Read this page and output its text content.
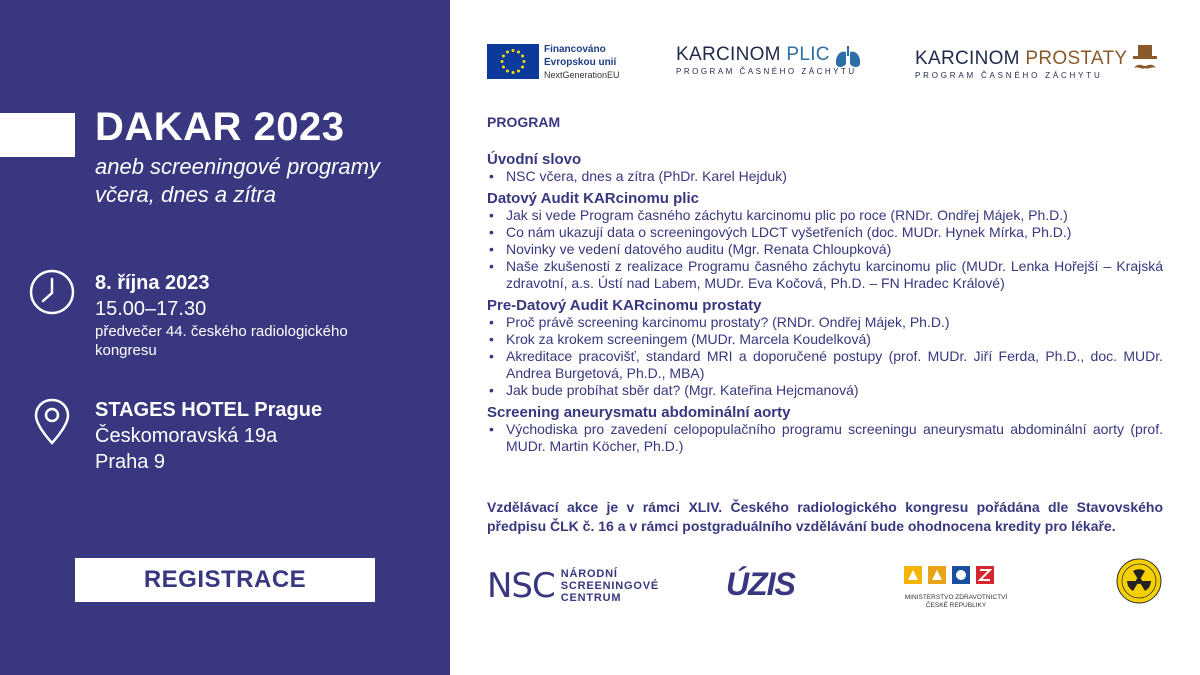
DAKAR 2023
aneb screeningové programy včera, dnes a zítra
8. října 2023
15.00–17.30
předvečer 44. českého radiologického kongresu
STAGES HOTEL Prague
Českomoravská 19a
Praha 9
REGISTRACE
Financováno
Evropskou unií
NextGenerationEU
KARCINOM PLIC
PROGRAM ČASNÉHO ZÁCHYTU
KARCINOM PROSTATY
PROGRAM ČASNÉHO ZÁCHYTU
PROGRAM
Úvodní slovo
• NSC včera, dnes a zítra (PhDr. Karel Hejduk)
Datový Audit KARcinomu plic
• Jak si vede Program časného záchytu karcinomu plic po roce (RNDr. Ondřej Májek, Ph.D.)
• Co nám ukazují data o screeningových LDCT vyšetřeních (doc. MUDr. Hynek Mírka, Ph.D.)
• Novinky ve vedení datového auditu (Mgr. Renata Chloupková)
• Naše zkušenosti z realizace Programu časného záchytu karcinomu plic (MUDr. Lenka Hořejší – Krajská zdravotní, a.s. Ústí nad Labem, MUDr. Eva Kočová, Ph.D. – FN Hradec Králové)
Pre-Datový Audit KARcinomu prostaty
• Proč právě screening karcinomu prostaty? (RNDr. Ondřej Májek, Ph.D.)
• Krok za krokem screeningem (MUDr. Marcela Koudelková)
• Akreditace pracovišť, standard MRI a doporučené postupy (prof. MUDr. Jiří Ferda, Ph.D., doc. MUDr. Andrea Burgetová, Ph.D., MBA)
• Jak bude probíhat sběr dat? (Mgr. Kateřina Hejcmanová)
Screening aneurysmatu abdominální aorty
• Východiska pro zavedení celopopulačního programu screeningu aneurysmatu abdominální aorty (prof. MUDr. Martin Köcher, Ph.D.)
Vzdělávací akce je v rámci XLIV. Českého radiologického kongresu pořádána dle Stavovského předpisu ČLK č. 16 a v rámci postgraduálního vzdělávání bude ohodnocena kredity pro lékaře.
NSC NÁRODNÍ
SCREENINGOVÉ
CENTRUM	ÚZIS	MINISTERSTVO ZDRAVOTNICTVÍ
ČESKÉ REPUBLIKY
